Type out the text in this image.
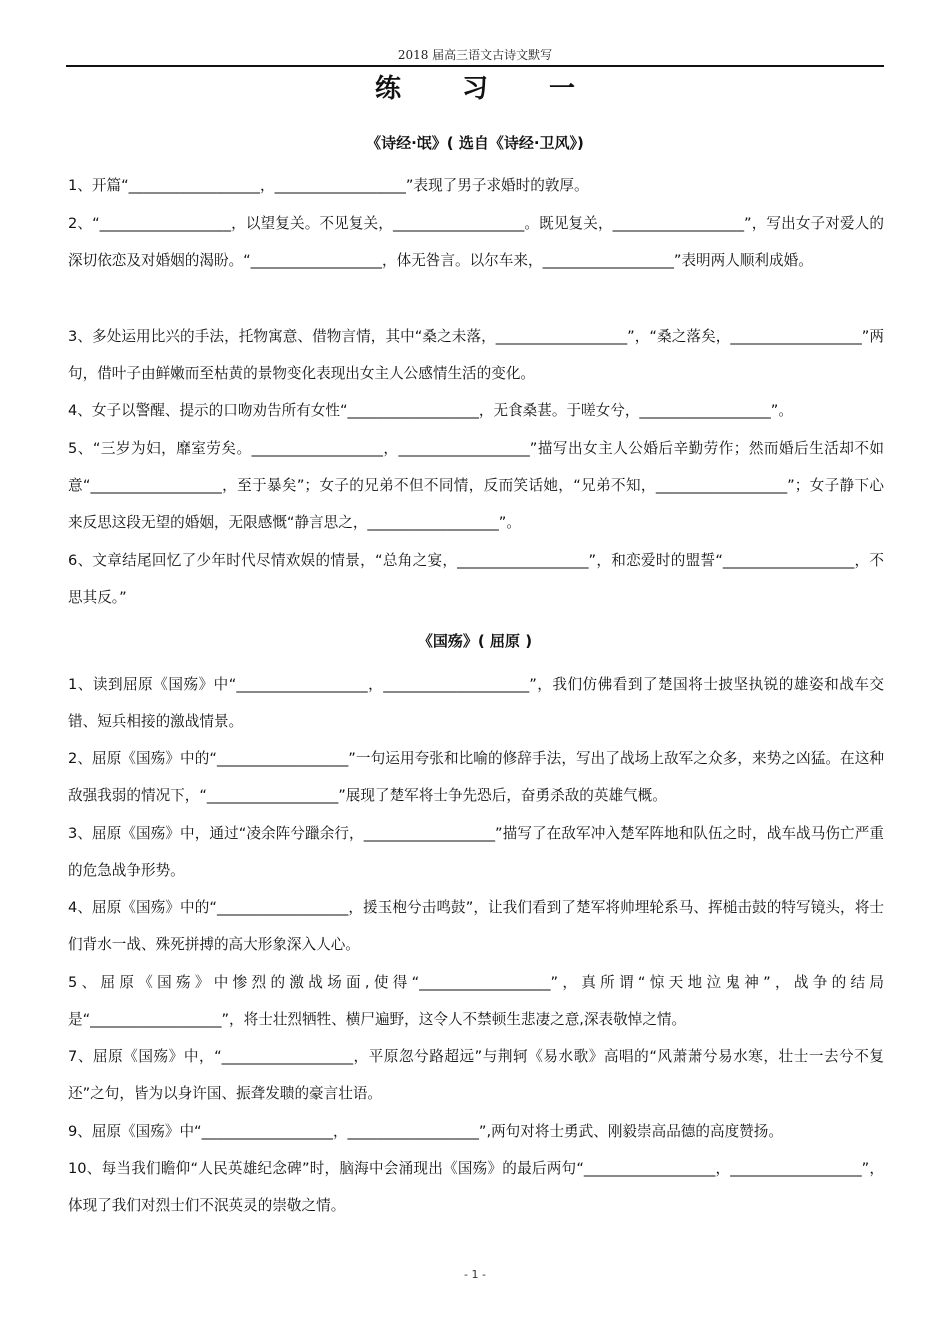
2018 届高三语文古诗文默写
练 习 一
《诗经·氓》( 选自《诗经·卫风》)
1、开篇“__________________，__________________”表现了男子求婚时的敦厚。
2、“__________________，以望复关。不见复关，__________________。既见复关，__________________”，写出女子对爱人的深切依恋及对婚姻的渴盼。“__________________，体无咎言。以尔车来，__________________”表明两人顺利成婚。
3、多处运用比兴的手法，托物寓意、借物言情，其中“桑之未落，__________________”，“桑之落矣，__________________”两句，借叶子由鲜嫩而至枯黄的景物变化表现出女主人公感情生活的变化。
4、女子以警醒、提示的口吻劝告所有女性“__________________，无食桑葚。于嗟女兮，__________________”。
5、“三岁为妇，靡室劳矣。__________________，__________________”描写出女主人公婚后辛勤劳作；然而婚后生活却不如意“__________________，至于暴矣”；女子的兄弟不但不同情，反而笑话她，“兄弟不知，__________________”；女子静下心来反思这段无望的婚姻，无限感慨“静言思之，__________________”。
6、文章结尾回忆了少年时代尽情欢娱的情景，“总角之宴，__________________”，和恋爱时的盟誓“__________________，不思其反。”
《国殇》( 屈原 )
1、读到屈原《国殇》中“__________________，____________________”，我们仿佛看到了楚国将士披坚执锐的雄姿和战车交错、短兵相接的激战情景。
2、屈原《国殇》中的“__________________”一句运用夸张和比喻的修辞手法，写出了战场上敌军之众多，来势之凶猛。在这种敌强我弱的情况下，“__________________”展现了楚军将士争先恐后，奋勇杀敌的英雄气概。
3、屈原《国殇》中，通过“凌余阵兮躐余行，__________________”描写了在敌军冲入楚军阵地和队伍之时，战车战马伤亡严重的危急战争形势。
4、屈原《国殇》中的“__________________，援玉枹兮击鸣鼓”，让我们看到了楚军将帅埋轮系马、挥槌击鼓的特写镜头，将士们背水一战、殊死拼搏的高大形象深入人心。
5、屈原《国殇》中惨烈的激战场面,使得“__________________”，真所谓“惊天地泣鬼神”，战争的结局是“__________________”，将士壮烈牺牲、横尸遍野，这令人不禁顿生悲凄之意,深表敬悼之情。
7、屈原《国殇》中，“__________________，平原忽兮路超远”与荆轲《易水歌》高唱的“风萧萧兮易水寒，壮士一去兮不复还”之句，皆为以身许国、振聋发聩的豪言壮语。
9、屈原《国殇》中“__________________，__________________”,两句对将士勇武、刚毅崇高品德的高度赞扬。
10、每当我们瞻仰“人民英雄纪念碑”时，脑海中会涌现出《国殇》的最后两句“__________________，__________________”，体现了我们对烈士们不泯英灵的崇敬之情。
- 1 -
